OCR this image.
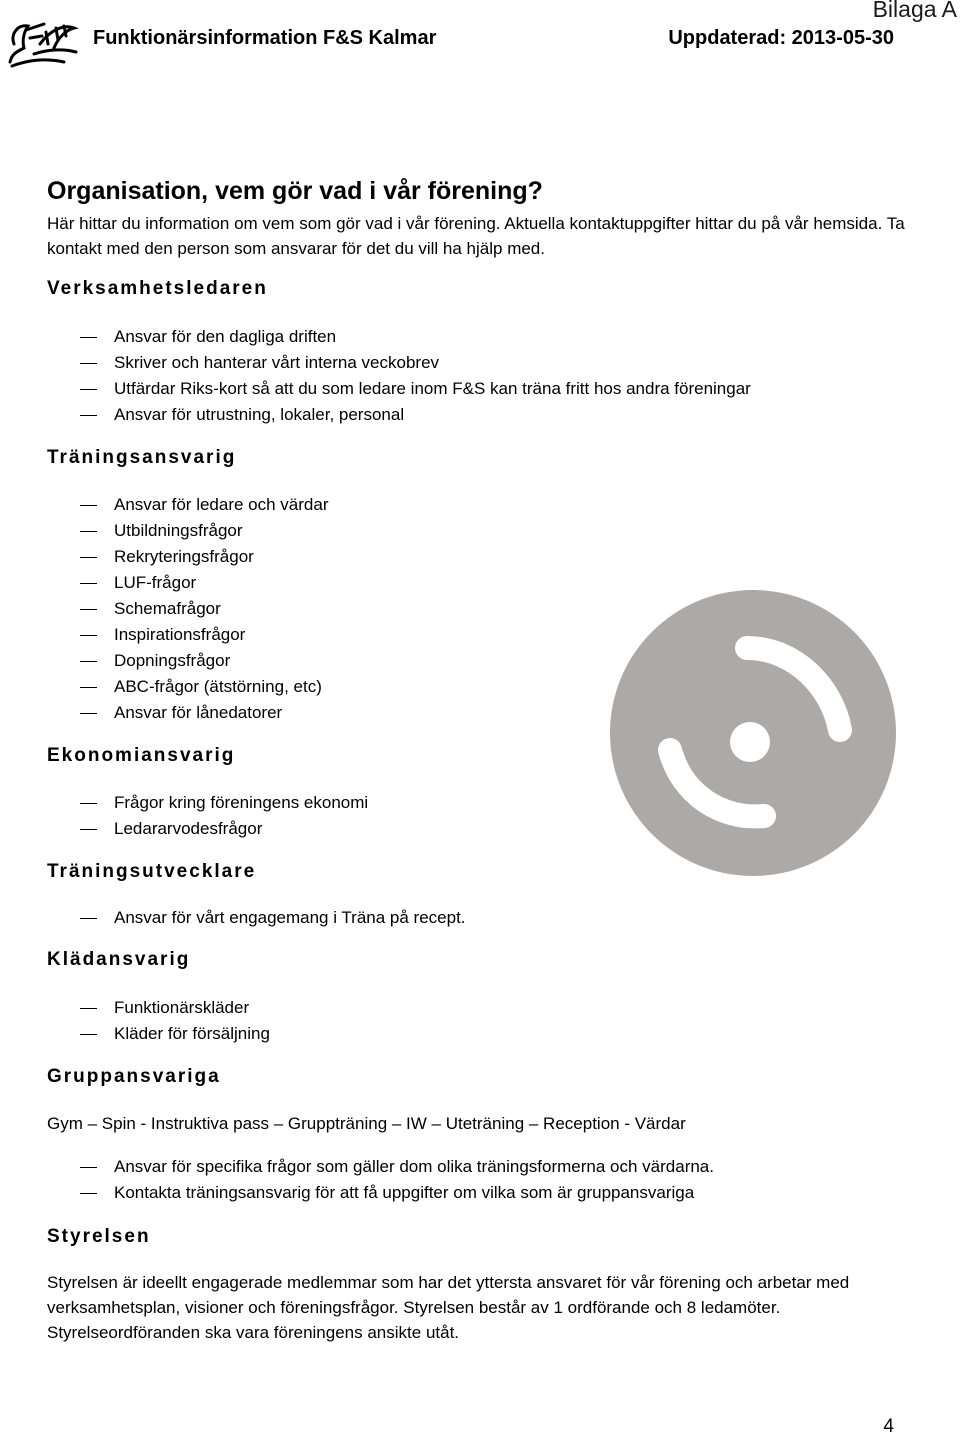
Bilaga A
Funktionärsinformation F&S Kalmar	Uppdaterad: 2013-05-30
Organisation, vem gör vad i vår förening?
Här hittar du information om vem som gör vad i vår förening. Aktuella kontaktuppgifter hittar du på vår hemsida. Ta kontakt med den person som ansvarar för det du vill ha hjälp med.
Verksamhetsledaren
Ansvar för den dagliga driften
Skriver och hanterar vårt interna veckobrev
Utfärdar Riks-kort så att du som ledare inom F&S kan träna fritt hos andra föreningar
Ansvar för utrustning, lokaler, personal
Träningsansvarig
Ansvar för ledare och värdar
Utbildningsfrågor
Rekryteringsfrågor
LUF-frågor
Schemafrågor
Inspirationsfrågor
Dopningsfrågor
ABC-frågor (ätstörning, etc)
Ansvar för lånedatorer
Ekonomiansvarig
Frågor kring föreningens ekonomi
Ledararvodesfrågor
Träningsutvecklare
Ansvar för vårt engagemang i Träna på recept.
Klädansvarig
Funktionärskläder
Kläder för försäljning
Gruppansvariga
Gym – Spin - Instruktiva pass – Gruppträning – IW – Uteträning – Reception - Värdar
Ansvar för specifika frågor som gäller dom olika träningsformerna och värdarna.
Kontakta träningsansvarig för att få uppgifter om vilka som är gruppansvariga
Styrelsen
Styrelsen är ideellt engagerade medlemmar som har det yttersta ansvaret för vår förening och arbetar med verksamhetsplan, visioner och föreningsfrågor. Styrelsen består av 1 ordförande och 8 ledamöter. Styrelseordföranden ska vara föreningens ansikte utåt.
4
